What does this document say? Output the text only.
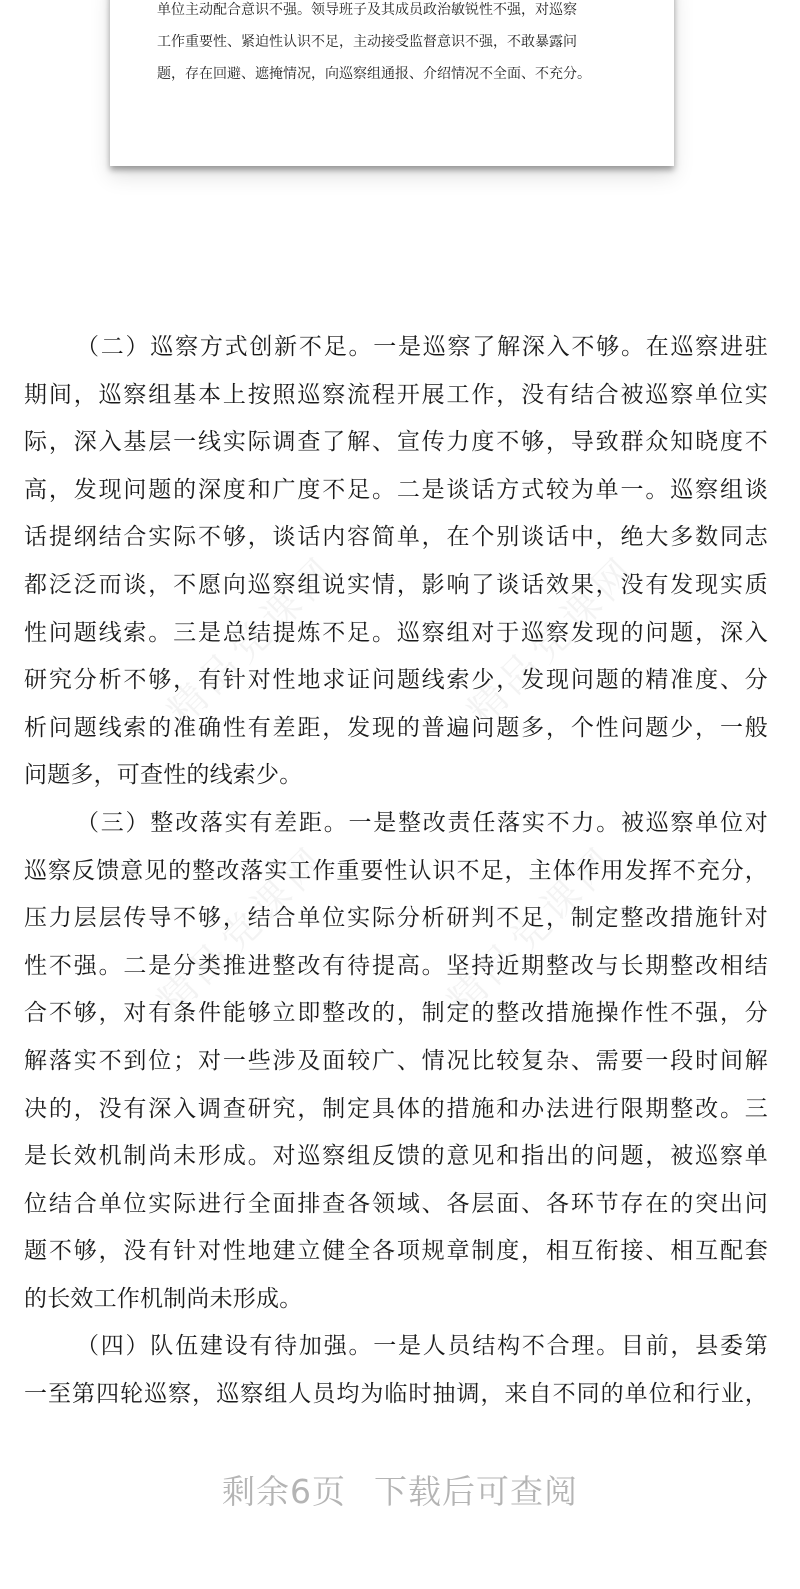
单位主动配合意识不强。领导班子及其成员政治敏锐性不强，对巡察
工作重要性、紧迫性认识不足，主动接受监督意识不强，不敢暴露问
题，存在回避、遮掩情况，向巡察组通报、介绍情况不全面、不充分。
精品党课网	精品党课网
精品党课网	精品党课网
（二）巡察方式创新不足。一是巡察了解深入不够。在巡察进驻
期间，巡察组基本上按照巡察流程开展工作，没有结合被巡察单位实
际，深入基层一线实际调查了解、宣传力度不够，导致群众知晓度不
高，发现问题的深度和广度不足。二是谈话方式较为单一。巡察组谈
话提纲结合实际不够，谈话内容简单，在个别谈话中，绝大多数同志
都泛泛而谈，不愿向巡察组说实情，影响了谈话效果，没有发现实质
性问题线索。三是总结提炼不足。巡察组对于巡察发现的问题，深入
研究分析不够，有针对性地求证问题线索少，发现问题的精准度、分
析问题线索的准确性有差距，发现的普遍问题多，个性问题少，一般
问题多，可查性的线索少。
（三）整改落实有差距。一是整改责任落实不力。被巡察单位对
巡察反馈意见的整改落实工作重要性认识不足，主体作用发挥不充分，
压力层层传导不够，结合单位实际分析研判不足，制定整改措施针对
性不强。二是分类推进整改有待提高。坚持近期整改与长期整改相结
合不够，对有条件能够立即整改的，制定的整改措施操作性不强，分
解落实不到位；对一些涉及面较广、情况比较复杂、需要一段时间解
决的，没有深入调查研究，制定具体的措施和办法进行限期整改。三
是长效机制尚未形成。对巡察组反馈的意见和指出的问题，被巡察单
位结合单位实际进行全面排查各领域、各层面、各环节存在的突出问
题不够，没有针对性地建立健全各项规章制度，相互衔接、相互配套
的长效工作机制尚未形成。
（四）队伍建设有待加强。一是人员结构不合理。目前，县委第
一至第四轮巡察，巡察组人员均为临时抽调，来自不同的单位和行业，
剩余6页 下载后可查阅
